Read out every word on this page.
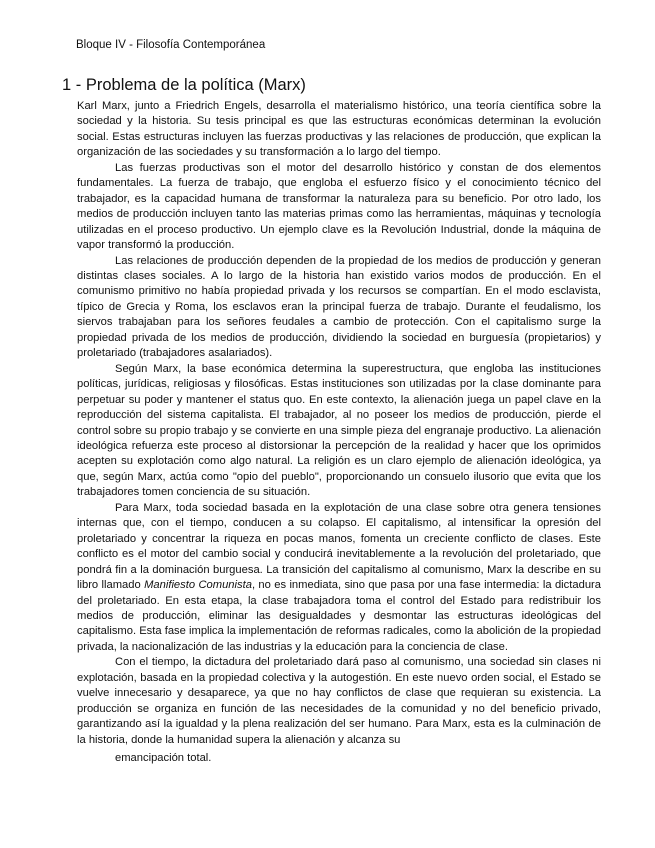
Bloque IV - Filosofía Contemporánea
1 - Problema de la política (Marx)

Karl Marx, junto a Friedrich Engels, desarrolla el materialismo histórico, una teoría científica sobre la sociedad y la historia. Su tesis principal es que las estructuras económicas determinan la evolución social. Estas estructuras incluyen las fuerzas productivas y las relaciones de producción, que explican la organización de las sociedades y su transformación a lo largo del tiempo.

Las fuerzas productivas son el motor del desarrollo histórico y constan de dos elementos fundamentales. La fuerza de trabajo, que engloba el esfuerzo físico y el conocimiento técnico del trabajador, es la capacidad humana de transformar la naturaleza para su beneficio. Por otro lado, los medios de producción incluyen tanto las materias primas como las herramientas, máquinas y tecnología utilizadas en el proceso productivo. Un ejemplo clave es la Revolución Industrial, donde la máquina de vapor transformó la producción.

Las relaciones de producción dependen de la propiedad de los medios de producción y generan distintas clases sociales. A lo largo de la historia han existido varios modos de producción. En el comunismo primitivo no había propiedad privada y los recursos se compartían. En el modo esclavista, típico de Grecia y Roma, los esclavos eran la principal fuerza de trabajo. Durante el feudalismo, los siervos trabajaban para los señores feudales a cambio de protección. Con el capitalismo surge la propiedad privada de los medios de producción, dividiendo la sociedad en burguesía (propietarios) y proletariado (trabajadores asalariados).

Según Marx, la base económica determina la superestructura, que engloba las instituciones políticas, jurídicas, religiosas y filosóficas. Estas instituciones son utilizadas por la clase dominante para perpetuar su poder y mantener el status quo. En este contexto, la alienación juega un papel clave en la reproducción del sistema capitalista. El trabajador, al no poseer los medios de producción, pierde el control sobre su propio trabajo y se convierte en una simple pieza del engranaje productivo. La alienación ideológica refuerza este proceso al distorsionar la percepción de la realidad y hacer que los oprimidos acepten su explotación como algo natural. La religión es un claro ejemplo de alienación ideológica, ya que, según Marx, actúa como "opio del pueblo", proporcionando un consuelo ilusorio que evita que los trabajadores tomen conciencia de su situación.

Para Marx, toda sociedad basada en la explotación de una clase sobre otra genera tensiones internas que, con el tiempo, conducen a su colapso. El capitalismo, al intensificar la opresión del proletariado y concentrar la riqueza en pocas manos, fomenta un creciente conflicto de clases. Este conflicto es el motor del cambio social y conducirá inevitablemente a la revolución del proletariado, que pondrá fin a la dominación burguesa. La transición del capitalismo al comunismo, Marx la describe en su libro llamado Manifiesto Comunista, no es inmediata, sino que pasa por una fase intermedia: la dictadura del proletariado. En esta etapa, la clase trabajadora toma el control del Estado para redistribuir los medios de producción, eliminar las desigualdades y desmontar las estructuras ideológicas del capitalismo. Esta fase implica la implementación de reformas radicales, como la abolición de la propiedad privada, la nacionalización de las industrias y la educación para la conciencia de clase.

Con el tiempo, la dictadura del proletariado dará paso al comunismo, una sociedad sin clases ni explotación, basada en la propiedad colectiva y la autogestión. En este nuevo orden social, el Estado se vuelve innecesario y desaparece, ya que no hay conflictos de clase que requieran su existencia. La producción se organiza en función de las necesidades de la comunidad y no del beneficio privado, garantizando así la igualdad y la plena realización del ser humano. Para Marx, esta es la culminación de la historia, donde la humanidad supera la alienación y alcanza su
emancipación total.
